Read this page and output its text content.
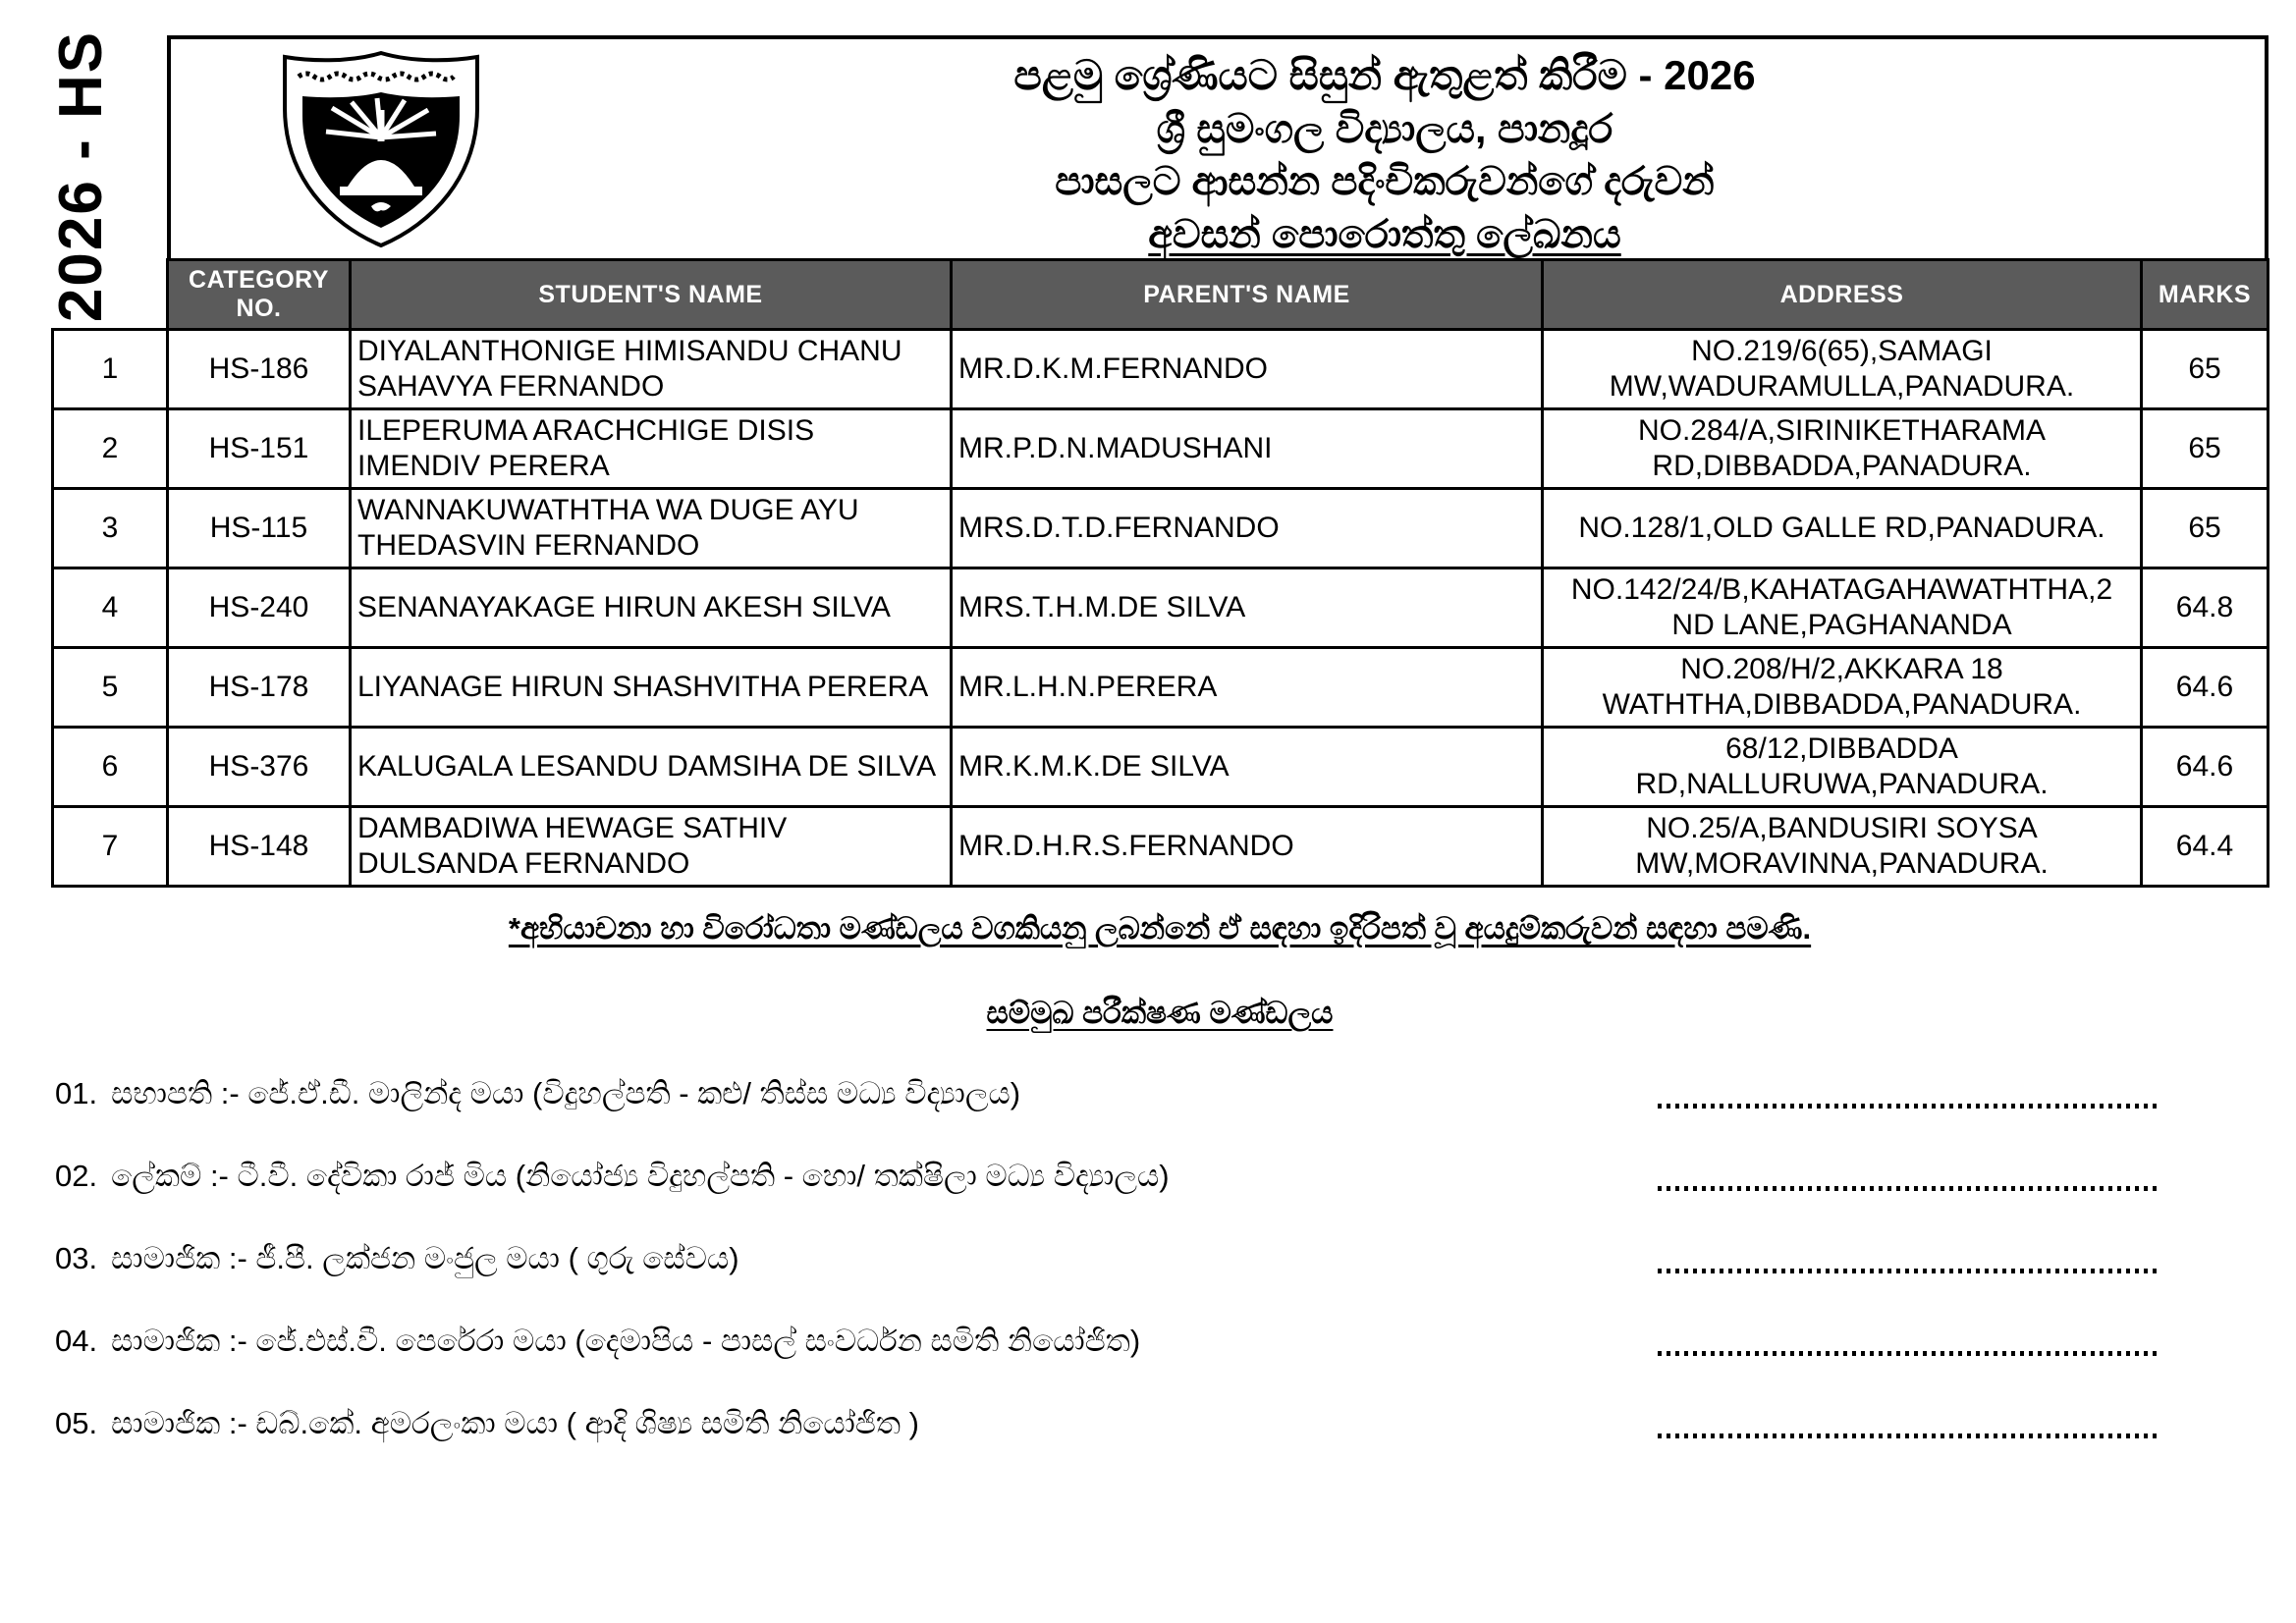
2026 - HS	පළමු ශ්‍රේණියට සිසුන් ඇතුළත් කිරීම - 2026
ශ්‍රී සුමංගල විද්‍යාලය, පානදූර
පාසලට ආසන්න පදිංචිකරුවන්ගේ දරුවන්
අවසන් පොරොත්තු ලේඛනය
	CATEGORY NO.	STUDENT'S NAME	PARENT'S NAME	ADDRESS	MARKS
1	HS-186	DIYALANTHONIGE HIMISANDU CHANU SAHAVYA FERNANDO	MR.D.K.M.FERNANDO	NO.219/6(65),SAMAGI MW,WADURAMULLA,PANADURA.	65
2	HS-151	ILEPERUMA ARACHCHIGE DISIS IMENDIV PERERA	MR.P.D.N.MADUSHANI	NO.284/A,SIRINIKETHARAMA RD,DIBBADDA,PANADURA.	65
3	HS-115	WANNAKUWATHTHA WA DUGE AYU THEDASVIN FERNANDO	MRS.D.T.D.FERNANDO	NO.128/1,OLD GALLE RD,PANADURA.	65
4	HS-240	SENANAYAKAGE HIRUN AKESH SILVA	MRS.T.H.M.DE SILVA	NO.142/24/B,KAHATAGAHAWATHTHA,2 ND LANE,PAGHANANDA	64.8
5	HS-178	LIYANAGE HIRUN SHASHVITHA PERERA	MR.L.H.N.PERERA	NO.208/H/2,AKKARA 18 WATHTHA,DIBBADDA,PANADURA.	64.6
6	HS-376	KALUGALA LESANDU DAMSIHA DE SILVA	MR.K.M.K.DE SILVA	68/12,DIBBADDA RD,NALLURUWA,PANADURA.	64.6
7	HS-148	DAMBADIWA HEWAGE SATHIV DULSANDA FERNANDO	MR.D.H.R.S.FERNANDO	NO.25/A,BANDUSIRI SOYSA MW,MORAVINNA,PANADURA.	64.4
*අභියාචනා හා විරෝධතා මණ්ඩලය වගකියනු ලබන්නේ ඒ සඳහා ඉදිරිපත් වූ අයදුම්කරුවන් සඳහා පමණි.
සම්මුඛ පරීක්ෂණ මණ්ඩලය
01. සභාපති :- ජේ.ඒ.ඩී. මාලින්ද මයා (විදුහල්පති - කළු/ තිස්ස මධ්‍ය විද්‍යාලය)
02. ලේකම් :- ටී.වී. දේවිකා රාජ් මිය (නියෝජ්‍ය විදුහල්පති - හො/ තක්ෂිලා මධ්‍ය විද්‍යාලය)
03. සාමාජික :- ජී.පී. ලක්ජන මංජුල මයා ( ගුරු සේවය)
04. සාමාජික :- ජේ.එස්.වී. පෙරේරා මයා (දෙමාපිය - පාසල් සංවර්ධන සමිති නියෝජිත)
05. සාමාජික :- ඩබ්.කේ. අමරලංකා මයා ( ආදි ශිෂ්‍ය සමිති නියෝජිත )
